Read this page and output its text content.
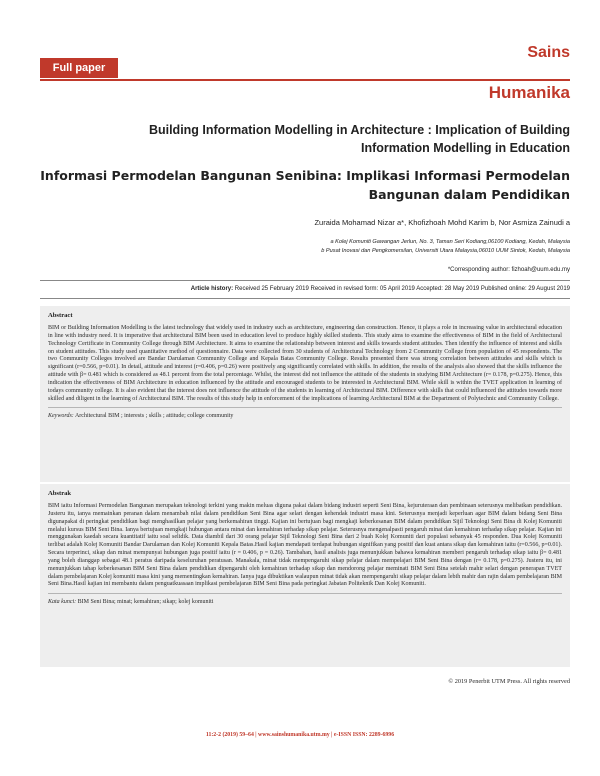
Full paper
Sains
Humanika
Building Information Modelling in Architecture : Implication of Building
Information Modelling in Education
Informasi Permodelan Bangunan Senibina: Implikasi Informasi Permodelan
Bangunan dalam Pendidikan
Zuraida Mohamad Nizar a*, Khofizhoah Mohd Karim b, Nor Asmiza Zainudi a
a Kolej Komuniti Gawangan Jerlun, No. 3, Taman Seri Kodiang,06100 Kodiang, Kedah, Malaysia
b Pusat Inovasi dan Pengkomersilan, Universiti Utara Malaysia,06010 UUM Sintok, Kedah, Malaysia
*Corresponding author: fizhoah@uum.edu.my
Article history: Received 25 February 2019 Received in revised form: 05 April 2019 Accepted: 28 May 2019 Published online: 29 August 2019
Abstract

BIM or Building Information Modelling is the latest technology that widely used in industry such as architecture, engineering dan construction. Hence, it plays a role in increasing value in architectural education in line with industry need. It is imperative that architectural BIM been used in education level to produce highly skilled students. This study aims to examine the effectiveness of BIM in the field of Architectural Technology Certificate in Community College through BIM Architecture. It aims to examine the relationship between interest and skills towards student attitudes. Then identify the influence of interest and skills on student attitudes. This study used quantitative method of questionnaire. Data were collected from 30 students of Architectural Technology from 2 Community College from population of 45 respondents. The two Community Colleges involved are Bandar Darulaman Community College and Kepala Batas Community College. Results presented there was strong correlation between attitudes and skills which is significant (r=0.566, p=0.01). In detail, attitude and interest (r=0.406, p=0.26) were positively ang significantly correlated with skills. In addition, the results of the analysis also showed that the skills influence the attitude with β= 0.481 which is considered as 48.1 percent from the total percentage. Whilst, the interest did not influence the attitude of the students in studying BIM Architecture (r= 0.178, p=0.275). Hence, this indication the effectiveness of BIM Architecture in education influenced by the attitude and encouraged students to be interested in Architectural BIM. While skill is within the TVET application in learning of todays community college. It is also evident that the interest does not influence the attitude of the students in learning of Architectural BIM. Difference with skills that could influenced the attitudes towards more skilled and diligent in the learning of Architectural BIM. The results of this study help in enforcement of the implications of learning Architectural BIM at the Department of Polytechnic and Community College.

Keywords: Architectural BIM ; interests ; skills ; attitude; college community
Abstrak

BIM iaitu Informasi Permodelan Bangunan merupakan teknologi terkini yang makin meluas diguna pakai dalam bidang industri seperti Seni Bina, kejuruteraan dan pembinaan seterusnya melibatkan pendidikan. Justeru itu, ianya memainkan peranan dalam menambah nilai dalam pendidikan Seni Bina agar selari dengan kehendak industri masa kini. Seterusnya menjadi keperluan agar BIM dalam bidang Seni Bina digunapakai di peringkat pendidikan bagi menghasilkan pelajar yang berkemahiran tinggi. Kajian ini bertujuan bagi mengkaji keberkesanan BIM dalam pendidikan Sijil Teknologi Seni Bina di Kolej Komuniti melalui kursus BIM Seni Bina. Ianya bertujuan mengkaji hubungan antara minat dan kemahiran terhadap sikap pelajar. Seterusnya mengenalpasti pengaruh minat dan kemahiran terhadap sikap pelajar. Kajian ini menggunakan kaedah secara kuantitatif iaitu soal selidik. Data diambil dari 30 orang pelajar Sijil Teknologi Seni Bina dari 2 buah Kolej Komuniti dari populasi sebanyak 45 responden. Dua Kolej Komuniti terlibat adalah Kolej Komuniti Bandar Darulaman dan Kolej Komuniti Kepala Batas.Hasil kajian mendapati terdapat hubungan signifikan yang positif dan kuat antara sikap dan kemahiran iaitu (r=0.566, p=0.01). Secara terperinci, sikap dan minat mempunyai hubungan juga positif iaitu (r = 0.406, p = 0.26). Tambahan, hasil analisis juga menunjukkan bahawa kemahiran memberi pengaruh terhadap sikap iaitu β= 0.481 yang boleh dianggap sebagai 48.1 peratus daripada keseluruhan peratusan. Manakala, minat tidak mempengaruhi sikap pelajar dalam mempelajari BIM Seni Bina dengan (r= 0.178, p=0.275). Justeru itu, ini menunjukkan tahap keberkesanan BIM Seni Bina dalam pendidikan dipengaruhi oleh kemahiran terhadap sikap dan mendorong pelajar meminati BIM Seni Bina setelah mahir selari dengan penerapan TVET dalam pembelajaran Kolej komuniti masa kini yang mementingkan kemahiran. Ianya juga dibuktikan walaupun minat tidak akan mempengaruhi sikap pelajar dalam lebih mahir dan rajin dalam pembelajaran BIM Seni Bina.Hasil kajian ini membantu dalam penguatkuasaan implikasi pembelajaran BIM Seni Bina pada peringkat Jabatan Politeknik Dan Kolej Komuniti.

Kata kunci: BIM Seni Bina; minat; kemahiran; sikap; kolej komuniti
© 2019 Penerbit UTM Press. All rights reserved
11:2-2 (2019) 59–64 | www.sainshumanika.utm.my | e-ISSN ISSN: 2289-6996
